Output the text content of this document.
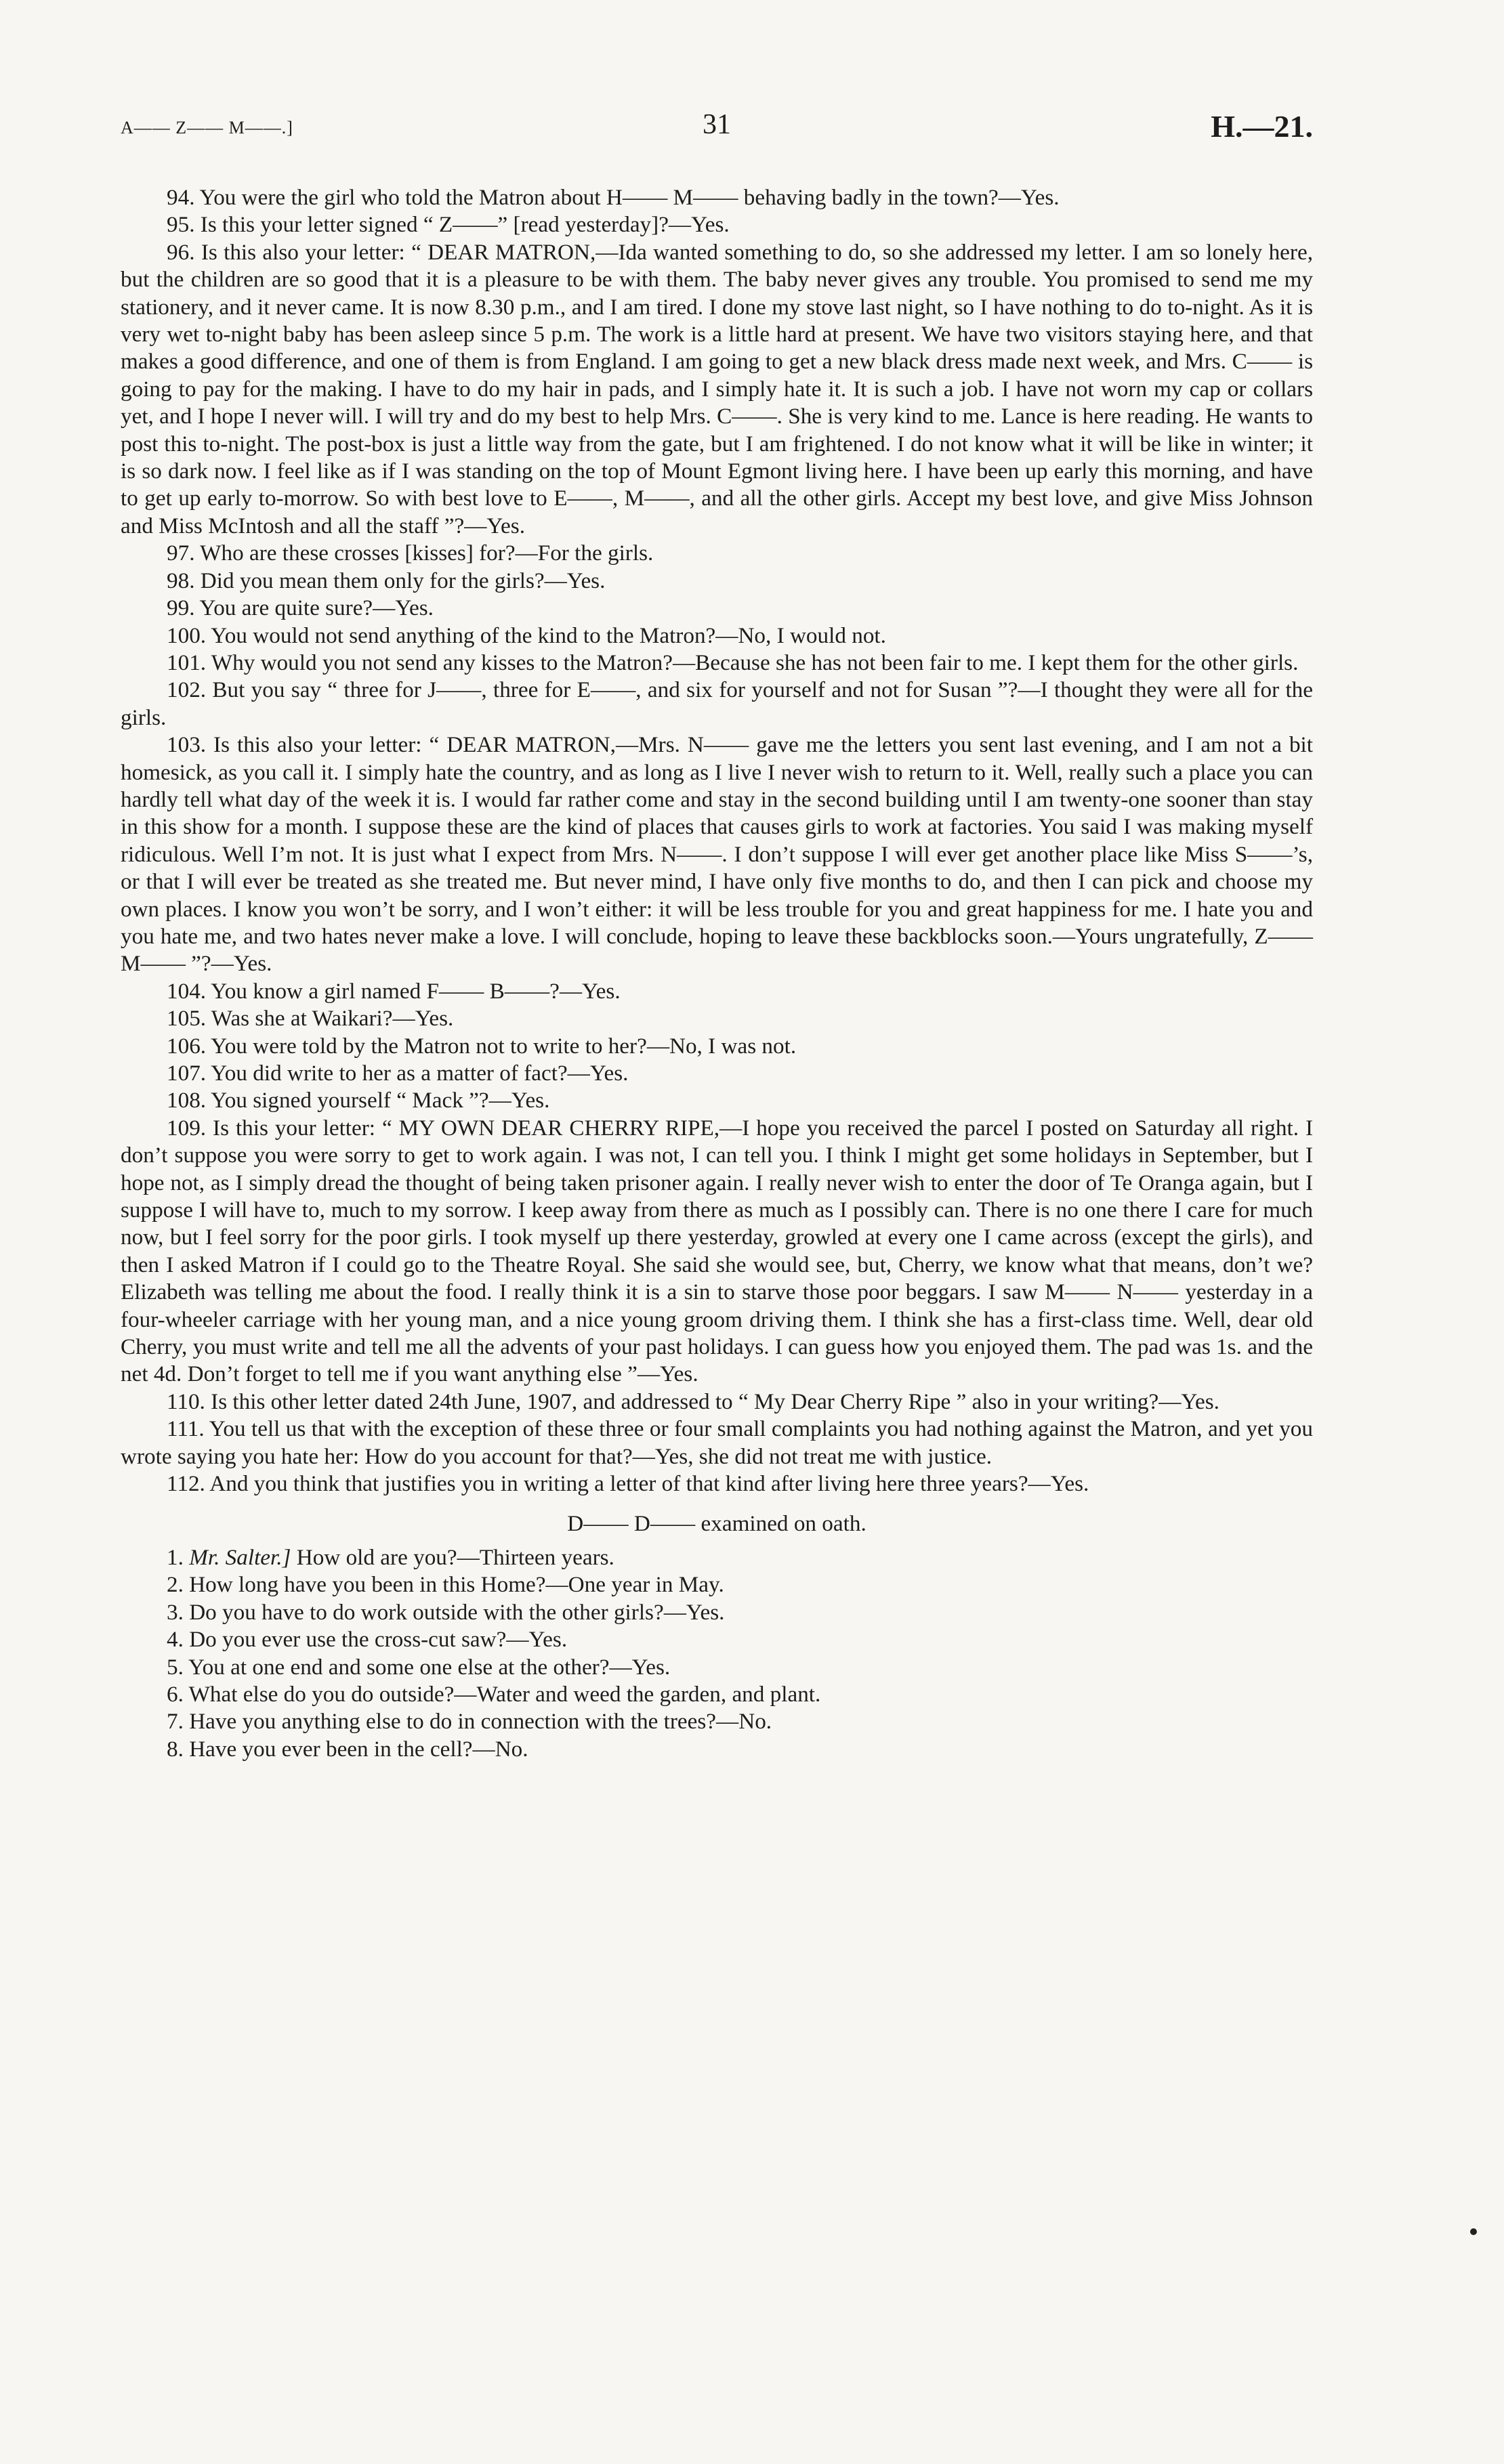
A—— Z—— M——.]	31	H.—21.

94. You were the girl who told the Matron about H—— M—— behaving badly in the town?—Yes.

95. Is this your letter signed “ Z——” [read yesterday]?—Yes.

96. Is this also your letter: “ DEAR MATRON,—Ida wanted something to do, so she addressed my letter. I am so lonely here, but the children are so good that it is a pleasure to be with them. The baby never gives any trouble. You promised to send me my stationery, and it never came. It is now 8.30 p.m., and I am tired. I done my stove last night, so I have nothing to do to-night. As it is very wet to-night baby has been asleep since 5 p.m. The work is a little hard at present. We have two visitors staying here, and that makes a good difference, and one of them is from England. I am going to get a new black dress made next week, and Mrs. C—— is going to pay for the making. I have to do my hair in pads, and I simply hate it. It is such a job. I have not worn my cap or collars yet, and I hope I never will. I will try and do my best to help Mrs. C——. She is very kind to me. Lance is here reading. He wants to post this to-night. The post-box is just a little way from the gate, but I am frightened. I do not know what it will be like in winter; it is so dark now. I feel like as if I was standing on the top of Mount Egmont living here. I have been up early this morning, and have to get up early to-morrow. So with best love to E——, M——, and all the other girls. Accept my best love, and give Miss Johnson and Miss McIntosh and all the staff ”?—Yes.

97. Who are these crosses [kisses] for?—For the girls.

98. Did you mean them only for the girls?—Yes.

99. You are quite sure?—Yes.

100. You would not send anything of the kind to the Matron?—No, I would not.

101. Why would you not send any kisses to the Matron?—Because she has not been fair to me. I kept them for the other girls.

102. But you say “ three for J——, three for E——, and six for yourself and not for Susan ”?—I thought they were all for the girls.

103. Is this also your letter: “ DEAR MATRON,—Mrs. N—— gave me the letters you sent last evening, and I am not a bit homesick, as you call it. I simply hate the country, and as long as I live I never wish to return to it. Well, really such a place you can hardly tell what day of the week it is. I would far rather come and stay in the second building until I am twenty-one sooner than stay in this show for a month. I suppose these are the kind of places that causes girls to work at factories. You said I was making myself ridiculous. Well I’m not. It is just what I expect from Mrs. N——. I don’t suppose I will ever get another place like Miss S——’s, or that I will ever be treated as she treated me. But never mind, I have only five months to do, and then I can pick and choose my own places. I know you won’t be sorry, and I won’t either: it will be less trouble for you and great happiness for me. I hate you and you hate me, and two hates never make a love. I will conclude, hoping to leave these backblocks soon.—Yours ungratefully, Z—— M—— ”?—Yes.

104. You know a girl named F—— B——?—Yes.

105. Was she at Waikari?—Yes.

106. You were told by the Matron not to write to her?—No, I was not.

107. You did write to her as a matter of fact?—Yes.

108. You signed yourself “ Mack ”?—Yes.

109. Is this your letter: “ MY OWN DEAR CHERRY RIPE,—I hope you received the parcel I posted on Saturday all right. I don’t suppose you were sorry to get to work again. I was not, I can tell you. I think I might get some holidays in September, but I hope not, as I simply dread the thought of being taken prisoner again. I really never wish to enter the door of Te Oranga again, but I suppose I will have to, much to my sorrow. I keep away from there as much as I possibly can. There is no one there I care for much now, but I feel sorry for the poor girls. I took myself up there yesterday, growled at every one I came across (except the girls), and then I asked Matron if I could go to the Theatre Royal. She said she would see, but, Cherry, we know what that means, don’t we? Elizabeth was telling me about the food. I really think it is a sin to starve those poor beggars. I saw M—— N—— yesterday in a four-wheeler carriage with her young man, and a nice young groom driving them. I think she has a first-class time. Well, dear old Cherry, you must write and tell me all the advents of your past holidays. I can guess how you enjoyed them. The pad was 1s. and the net 4d. Don’t forget to tell me if you want anything else ”—Yes.

110. Is this other letter dated 24th June, 1907, and addressed to “ My Dear Cherry Ripe ” also in your writing?—Yes.

111. You tell us that with the exception of these three or four small complaints you had nothing against the Matron, and yet you wrote saying you hate her: How do you account for that?—Yes, she did not treat me with justice.

112. And you think that justifies you in writing a letter of that kind after living here three years?—Yes.

D—— D—— examined on oath.

1. Mr. Salter.] How old are you?—Thirteen years.

2. How long have you been in this Home?—One year in May.

3. Do you have to do work outside with the other girls?—Yes.

4. Do you ever use the cross-cut saw?—Yes.

5. You at one end and some one else at the other?—Yes.

6. What else do you do outside?—Water and weed the garden, and plant.

7. Have you anything else to do in connection with the trees?—No.

8. Have you ever been in the cell?—No.
